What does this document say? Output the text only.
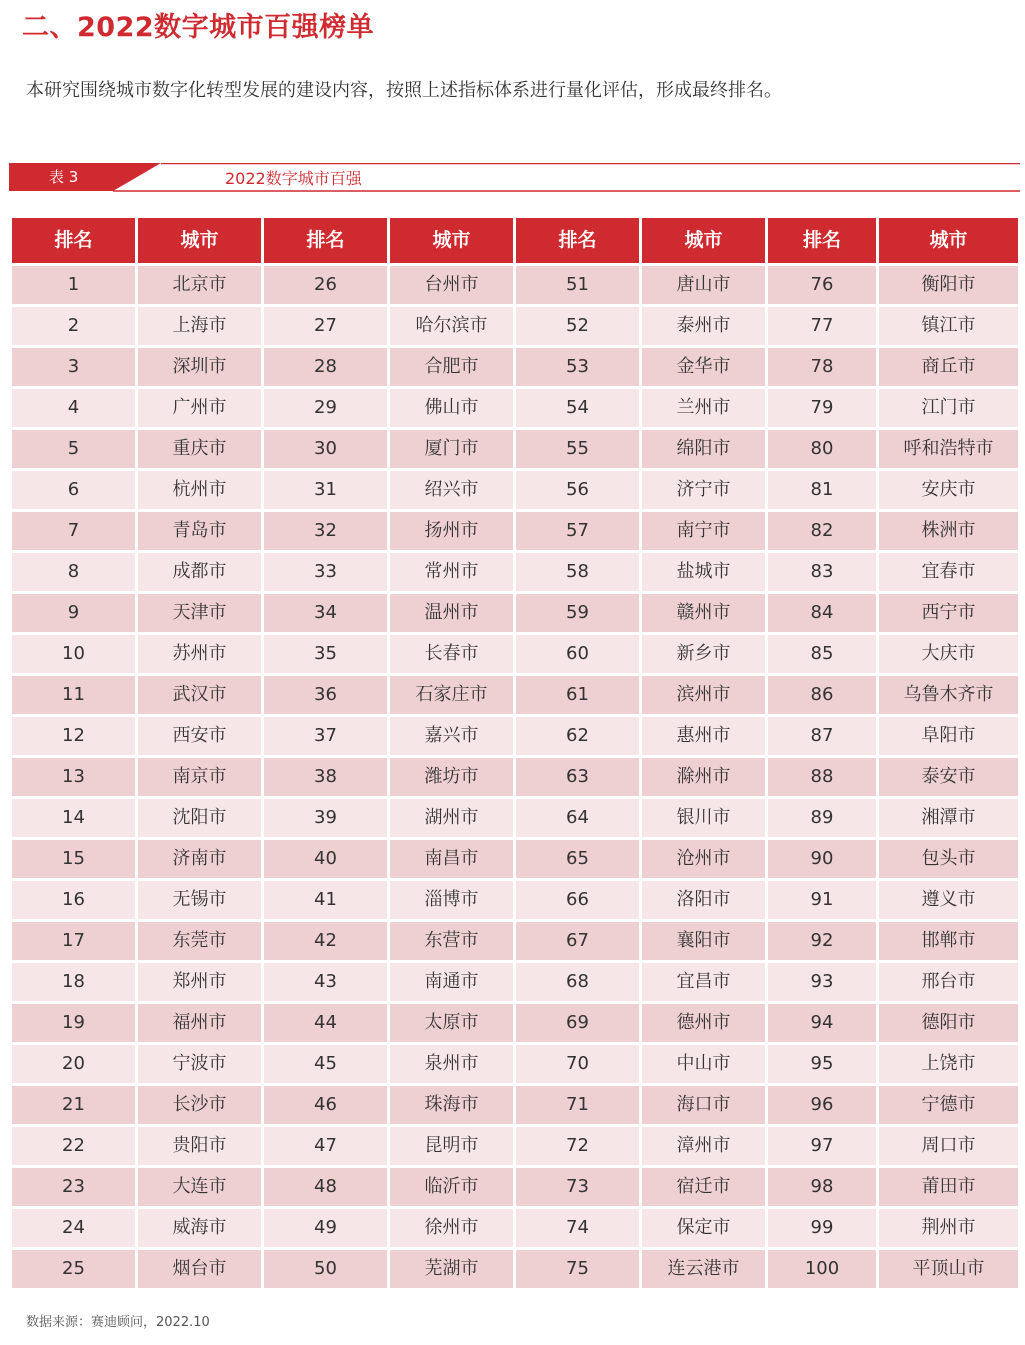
二、2022数字城市百强榜单
本研究围绕城市数字化转型发展的建设内容，按照上述指标体系进行量化评估，形成最终排名。
表 3	2022数字城市百强
排名	城市	排名	城市	排名	城市	排名	城市
1	北京市	26	台州市	51	唐山市	76	衡阳市
2	上海市	27	哈尔滨市	52	泰州市	77	镇江市
3	深圳市	28	合肥市	53	金华市	78	商丘市
4	广州市	29	佛山市	54	兰州市	79	江门市
5	重庆市	30	厦门市	55	绵阳市	80	呼和浩特市
6	杭州市	31	绍兴市	56	济宁市	81	安庆市
7	青岛市	32	扬州市	57	南宁市	82	株洲市
8	成都市	33	常州市	58	盐城市	83	宜春市
9	天津市	34	温州市	59	赣州市	84	西宁市
10	苏州市	35	长春市	60	新乡市	85	大庆市
11	武汉市	36	石家庄市	61	滨州市	86	乌鲁木齐市
12	西安市	37	嘉兴市	62	惠州市	87	阜阳市
13	南京市	38	潍坊市	63	滁州市	88	泰安市
14	沈阳市	39	湖州市	64	银川市	89	湘潭市
15	济南市	40	南昌市	65	沧州市	90	包头市
16	无锡市	41	淄博市	66	洛阳市	91	遵义市
17	东莞市	42	东营市	67	襄阳市	92	邯郸市
18	郑州市	43	南通市	68	宜昌市	93	邢台市
19	福州市	44	太原市	69	德州市	94	德阳市
20	宁波市	45	泉州市	70	中山市	95	上饶市
21	长沙市	46	珠海市	71	海口市	96	宁德市
22	贵阳市	47	昆明市	72	漳州市	97	周口市
23	大连市	48	临沂市	73	宿迁市	98	莆田市
24	威海市	49	徐州市	74	保定市	99	荆州市
25	烟台市	50	芜湖市	75	连云港市	100	平顶山市
数据来源：赛迪顾问，2022.10
